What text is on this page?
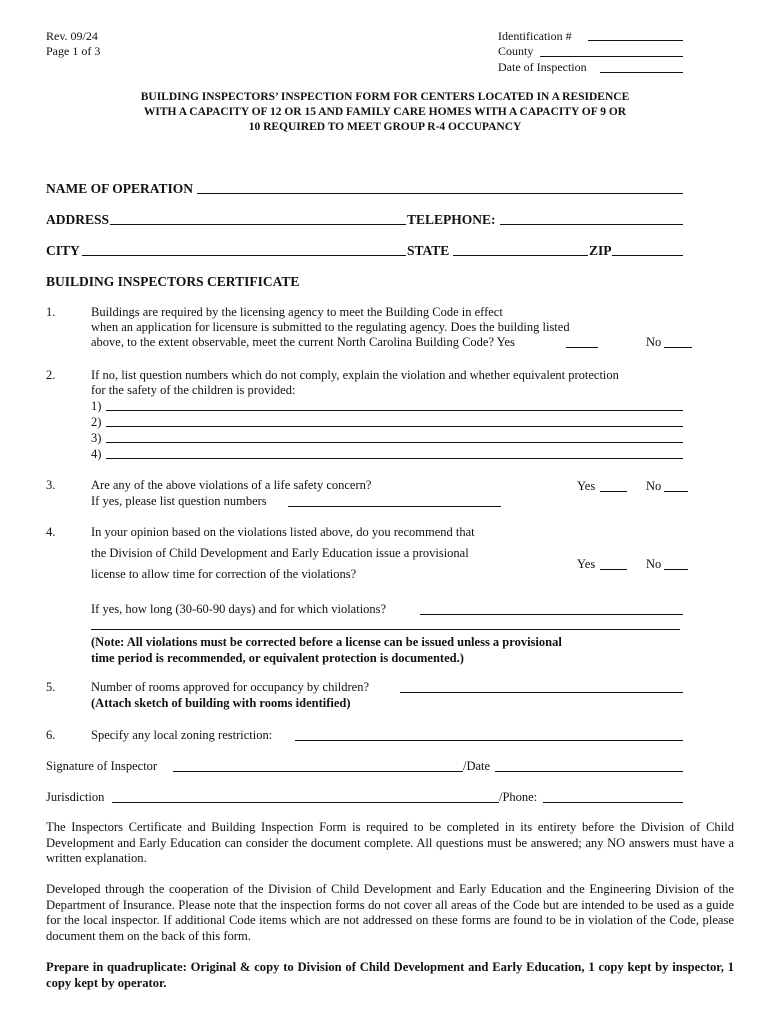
Rev. 09/24
Page 1 of 3
Identification #
County
Date of Inspection
BUILDING INSPECTORS’ INSPECTION FORM FOR CENTERS LOCATED IN A RESIDENCE WITH A CAPACITY OF 12 OR 15 AND FAMILY CARE HOMES WITH A CAPACITY OF 9 OR 10 REQUIRED TO MEET GROUP R-4 OCCUPANCY
NAME OF OPERATION
ADDRESS	TELEPHONE:
CITY	STATE	ZIP
BUILDING INSPECTORS CERTIFICATE
1.	Buildings are required by the licensing agency to meet the Building Code in effect
when an application for licensure is submitted to the regulating agency. Does the building listed
above, to the extent observable, meet the current North Carolina Building Code? Yes	No
2.	If no, list question numbers which do not comply, explain the violation and whether equivalent protection
for the safety of the children is provided:
1)
2)
3)
4)
3.	Are any of the above violations of a life safety concern?	Yes	No
If yes, please list question numbers
4.	In your opinion based on the violations listed above, do you recommend that
the Division of Child Development and Early Education issue a provisional
Yes	No
license to allow time for correction of the violations?
If yes, how long (30-60-90 days) and for which violations?
(Note: All violations must be corrected before a license can be issued unless a provisional
time period is recommended, or equivalent protection is documented.)
5.	Number of rooms approved for occupancy by children?
(Attach sketch of building with rooms identified)
6.	Specify any local zoning restriction:
Signature of Inspector	/Date
Jurisdiction	/Phone:
The Inspectors Certificate and Building Inspection Form is required to be completed in its entirety before the Division of Child Development and Early Education can consider the document complete. All questions must be answered; any NO answers must have a written explanation.
Developed through the cooperation of the Division of Child Development and Early Education and the Engineering Division of the Department of Insurance. Please note that the inspection forms do not cover all areas of the Code but are intended to be used as a guide for the local inspector. If additional Code items which are not addressed on these forms are found to be in violation of the Code, please document them on the back of this form.
Prepare in quadruplicate: Original & copy to Division of Child Development and Early Education, 1 copy kept by inspector, 1 copy kept by operator.
